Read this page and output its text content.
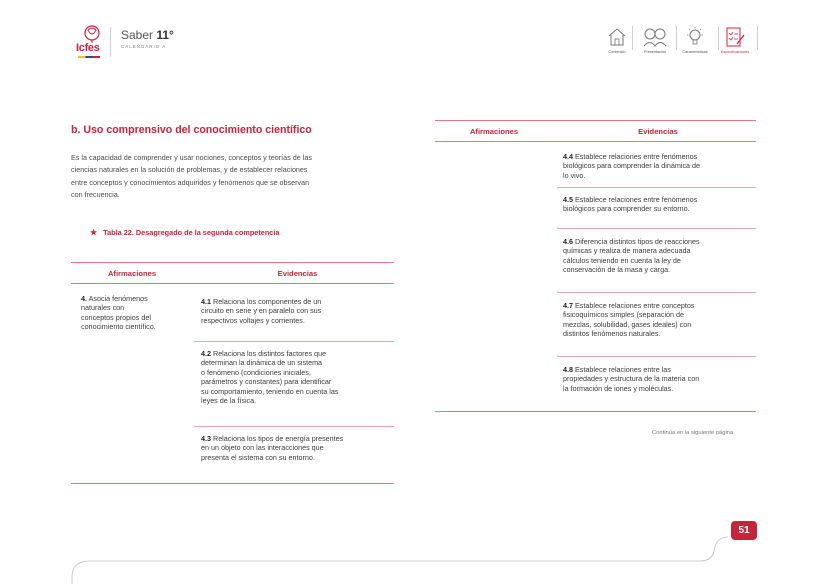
Icfes
Saber 11°
CALENDARIO A
Contenido	Presentación	Características	Especificaciones
b. Uso comprensivo del conocimiento científico
Es la capacidad de comprender y usar nociones, conceptos y teorías de las
ciencias naturales en la solución de problemas, y de establecer relaciones
entre conceptos y conocimientos adquiridos y fenómenos que se observan
con frecuencia.
★ Tabla 22. Desagregado de la segunda competencia
Afirmaciones	Evidencias
4. Asocia fenómenos
naturales con
conceptos propios del
conocimiento científico.
4.1 Relaciona los componentes de un
circuito en serie y en paralelo con sus
respectivos voltajes y corrientes.
4.2 Relaciona los distintos factores que
determinan la dinámica de un sistema
o fenómeno (condiciones iniciales,
parámetros y constantes) para identificar
su comportamiento, teniendo en cuenta las
leyes de la física.
4.3 Relaciona los tipos de energía presentes
en un objeto con las interacciones que
presenta el sistema con su entorno.
Afirmaciones	Evidencias
4.4 Establece relaciones entre fenómenos
biológicos para comprender la dinámica de
lo vivo.
4.5 Establece relaciones entre fenómenos
biológicos para comprender su entorno.
4.6 Diferencia distintos tipos de reacciones
químicas y realiza de manera adecuada
cálculos teniendo en cuenta la ley de
conservación de la masa y carga.
4.7 Establece relaciones entre conceptos
fisicoquímicos simples (separación de
mezclas, solubilidad, gases ideales) con
distintos fenómenos naturales.
4.8 Establece relaciones entre las
propiedades y estructura de la materia con
la formación de iones y moléculas.
Continúa en la siguiente página
51
